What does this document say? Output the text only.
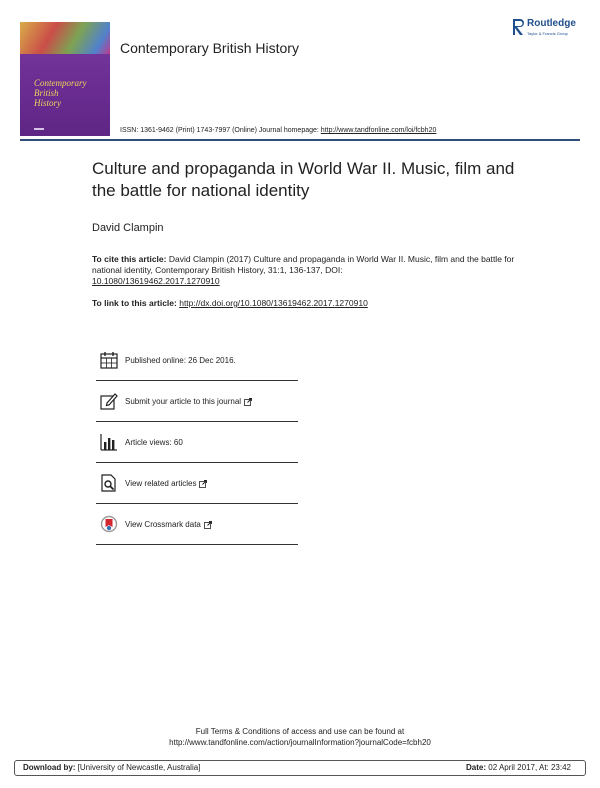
Contemporary
British
History
Contemporary British History
Routledge
Taylor & Francis Group
ISSN: 1361-9462 (Print) 1743-7997 (Online) Journal homepage: http://www.tandfonline.com/loi/fcbh20
Culture and propaganda in World War II. Music, film and the battle for national identity
David Clampin
To cite this article: David Clampin (2017) Culture and propaganda in World War II. Music, film and the battle for national identity, Contemporary British History, 31:1, 136-137, DOI:
10.1080/13619462.2017.1270910
To link to this article: http://dx.doi.org/10.1080/13619462.2017.1270910
Published online: 26 Dec 2016.
Submit your article to this journal
Article views: 60
View related articles
View Crossmark data
Full Terms & Conditions of access and use can be found at
http://www.tandfonline.com/action/journalInformation?journalCode=fcbh20
Download by: [University of Newcastle, Australia]	Date: 02 April 2017, At: 23:42
